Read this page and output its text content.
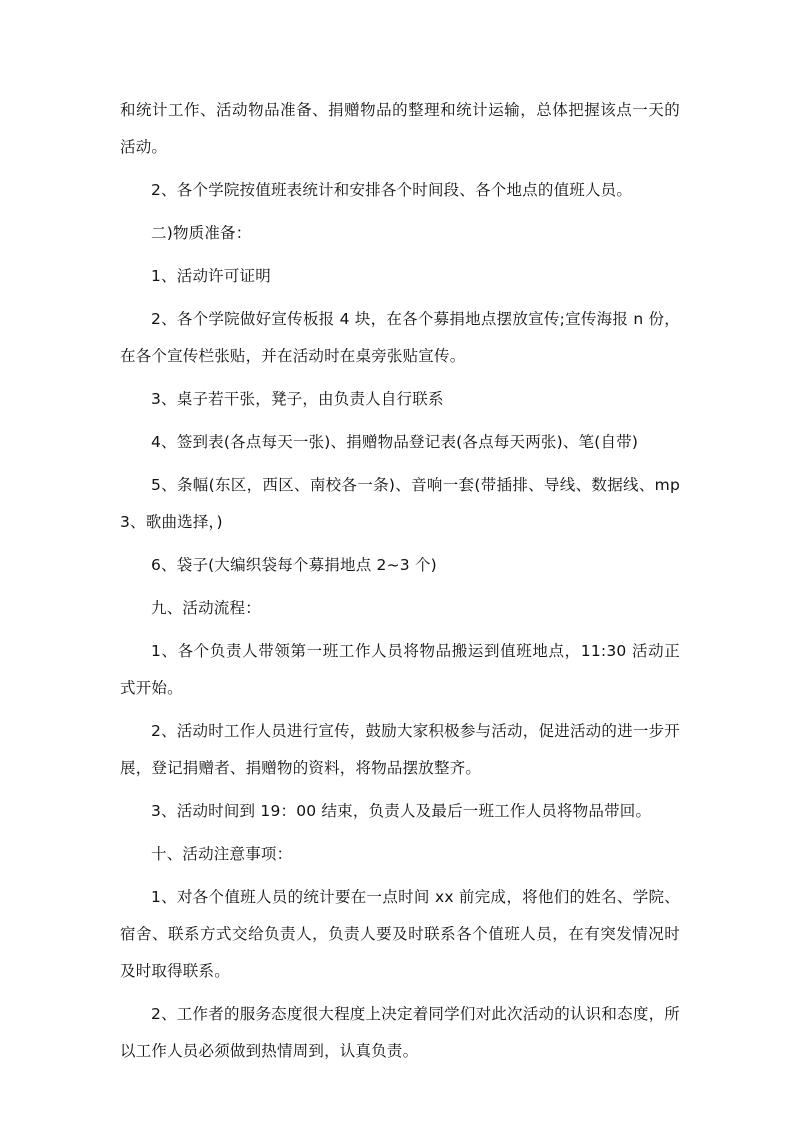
和统计工作、活动物品准备、捐赠物品的整理和统计运输，总体把握该点一天的活动。

2、各个学院按值班表统计和安排各个时间段、各个地点的值班人员。

二)物质准备：

1、活动许可证明

2、各个学院做好宣传板报 4 块，在各个募捐地点摆放宣传;宣传海报 n 份，在各个宣传栏张贴，并在活动时在桌旁张贴宣传。

3、桌子若干张，凳子，由负责人自行联系

4、签到表(各点每天一张)、捐赠物品登记表(各点每天两张)、笔(自带)

5、条幅(东区，西区、南校各一条)、音响一套(带插排、导线、数据线、mp3、歌曲选择，)

6、袋子(大编织袋每个募捐地点 2~3 个)

九、活动流程：

1、各个负责人带领第一班工作人员将物品搬运到值班地点，11:30 活动正式开始。

2、活动时工作人员进行宣传，鼓励大家积极参与活动，促进活动的进一步开展，登记捐赠者、捐赠物的资料，将物品摆放整齐。

3、活动时间到 19：00 结束，负责人及最后一班工作人员将物品带回。

十、活动注意事项：

1、对各个值班人员的统计要在一点时间 xx 前完成，将他们的姓名、学院、宿舍、联系方式交给负责人，负责人要及时联系各个值班人员，在有突发情况时及时取得联系。

2、工作者的服务态度很大程度上决定着同学们对此次活动的认识和态度，所以工作人员必须做到热情周到，认真负责。
